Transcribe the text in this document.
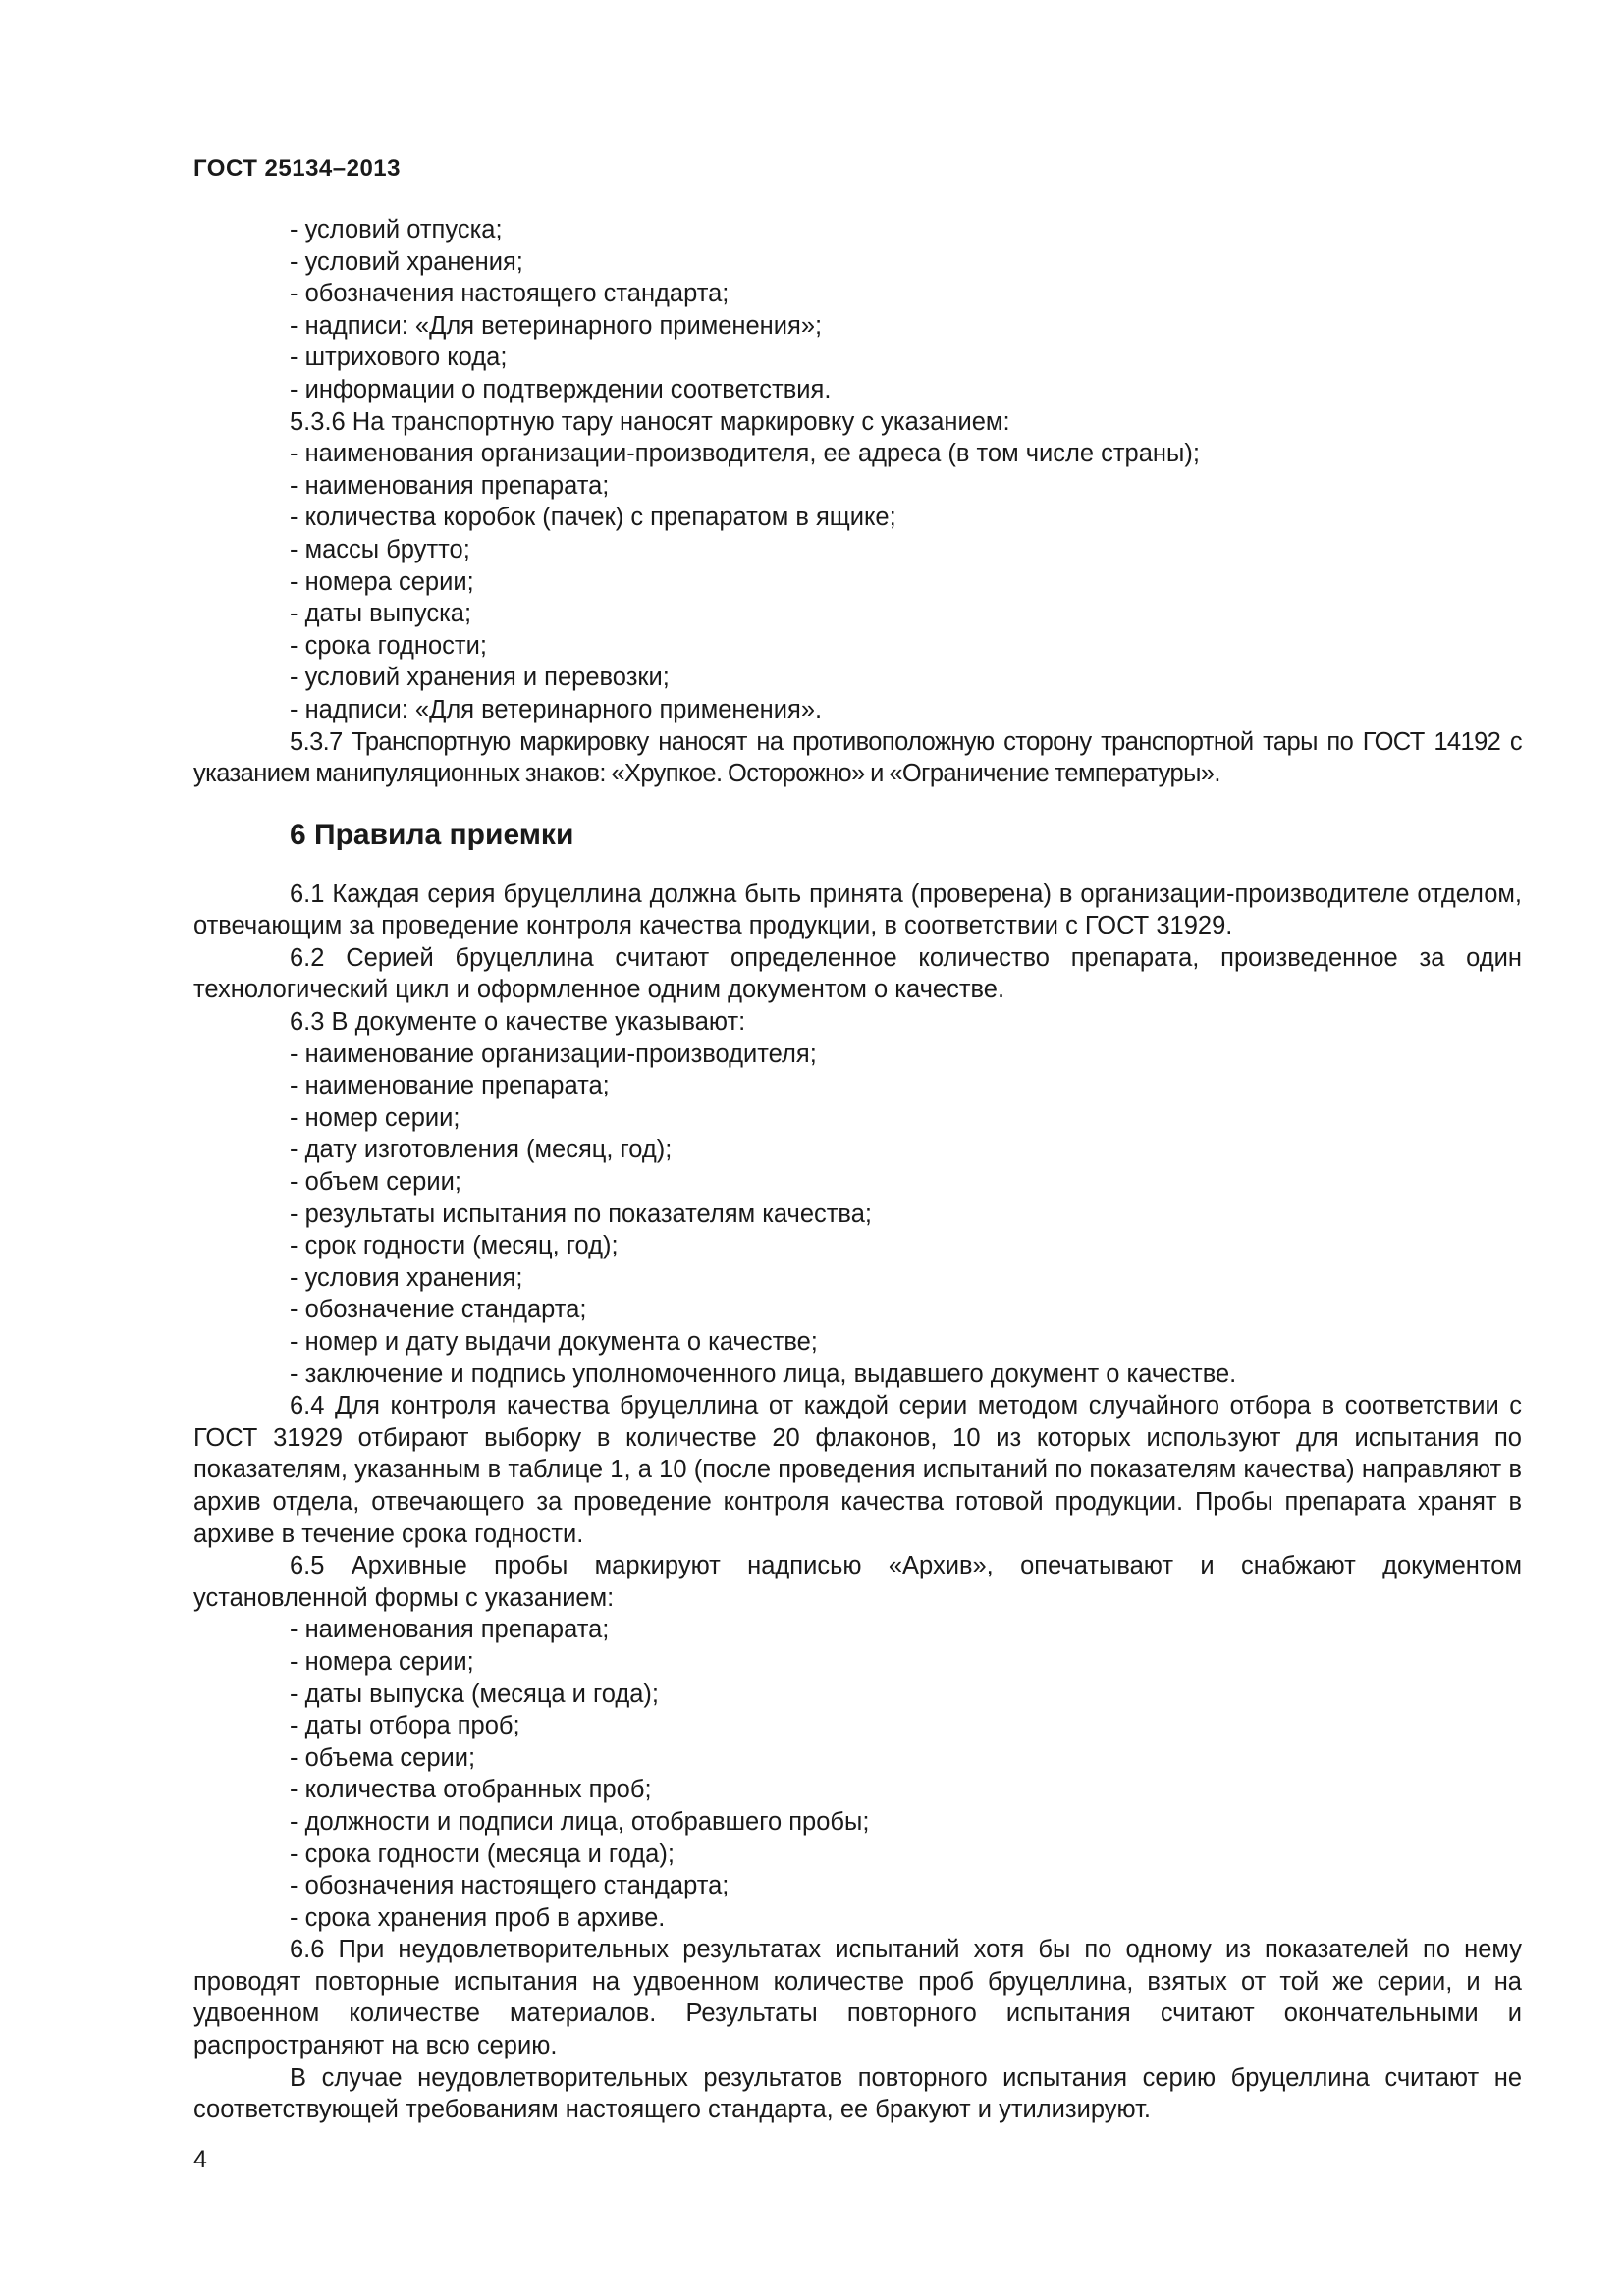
ГОСТ 25134–2013
- условий отпуска;
- условий хранения;
- обозначения настоящего стандарта;
- надписи: «Для ветеринарного применения»;
- штрихового кода;
- информации о подтверждении соответствия.
5.3.6 На транспортную тару наносят маркировку с указанием:
- наименования организации-производителя, ее адреса (в том числе страны);
- наименования препарата;
- количества коробок (пачек) с препаратом в ящике;
- массы брутто;
- номера серии;
- даты выпуска;
- срока годности;
- условий хранения и перевозки;
- надписи: «Для ветеринарного применения».
5.3.7 Транспортную маркировку наносят на противоположную сторону транспортной тары по ГОСТ 14192 с указанием манипуляционных знаков: «Хрупкое. Осторожно» и «Ограничение температуры».
6 Правила приемки
6.1 Каждая серия бруцеллина должна быть принята (проверена) в организации-производителе отделом, отвечающим за проведение контроля качества продукции, в соответствии с ГОСТ 31929.
6.2 Серией бруцеллина считают определенное количество препарата, произведенное за один технологический цикл и оформленное одним документом о качестве.
6.3 В документе о качестве указывают:
- наименование организации-производителя;
- наименование препарата;
- номер серии;
- дату изготовления (месяц, год);
- объем серии;
- результаты испытания по показателям качества;
- срок годности (месяц, год);
- условия хранения;
- обозначение стандарта;
- номер и дату выдачи документа о качестве;
- заключение и подпись уполномоченного лица, выдавшего документ о качестве.
6.4 Для контроля качества бруцеллина от каждой серии методом случайного отбора в соответствии с ГОСТ 31929 отбирают выборку в количестве 20 флаконов, 10 из которых используют для испытания по показателям, указанным в таблице 1, а 10 (после проведения испытаний по показателям качества) направляют в архив отдела, отвечающего за проведение контроля качества готовой продукции. Пробы препарата хранят в архиве в течение срока годности.
6.5 Архивные пробы маркируют надписью «Архив», опечатывают и снабжают документом установленной формы с указанием:
- наименования препарата;
- номера серии;
- даты выпуска (месяца и года);
- даты отбора проб;
- объема серии;
- количества отобранных проб;
- должности и подписи лица, отобравшего пробы;
- срока годности (месяца и года);
- обозначения настоящего стандарта;
- срока хранения проб в архиве.
6.6 При неудовлетворительных результатах испытаний хотя бы по одному из показателей по нему проводят повторные испытания на удвоенном количестве проб бруцеллина, взятых от той же серии, и на удвоенном количестве материалов. Результаты повторного испытания считают окончательными и распространяют на всю серию.
В случае неудовлетворительных результатов повторного испытания серию бруцеллина считают не соответствующей требованиям настоящего стандарта, ее бракуют и утилизируют.
4
